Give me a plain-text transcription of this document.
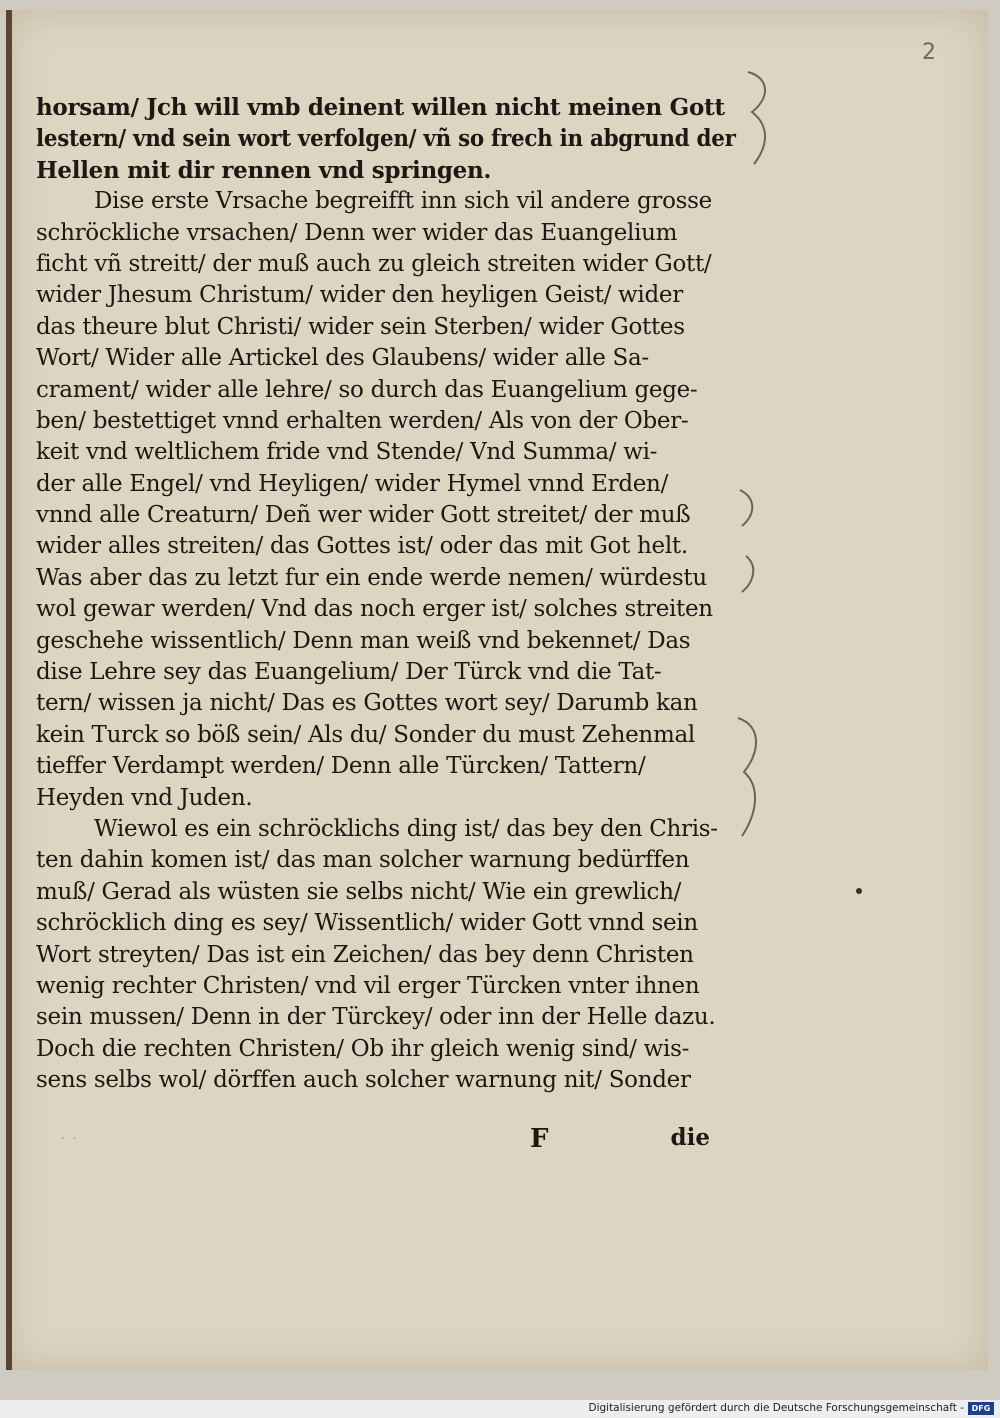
2
horsam/ Jch will vmb deinent willen nicht meinen Gott
lestern/ vnd sein wort verfolgen/ vñ so frech in abgrund der
Hellen mit dir rennen vnd springen.
Dise erste Vrsache begreifft inn sich vil andere grosse
schröckliche vrsachen/ Denn wer wider das Euangelium
ficht vñ streitt/ der muß auch zu gleich streiten wider Gott/
wider Jhesum Christum/ wider den heyligen Geist/ wider
das theure blut Christi/ wider sein Sterben/ wider Gottes
Wort/ Wider alle Artickel des Glaubens/ wider alle Sa-
crament/ wider alle lehre/ so durch das Euangelium gege-
ben/ bestettiget vnnd erhalten werden/ Als von der Ober-
keit vnd weltlichem fride vnd Stende/ Vnd Summa/ wi-
der alle Engel/ vnd Heyligen/ wider Hymel vnnd Erden/
vnnd alle Creaturn/ Deñ wer wider Gott streitet/ der muß
wider alles streiten/ das Gottes ist/ oder das mit Got helt.
Was aber das zu letzt fur ein ende werde nemen/ würdestu
wol gewar werden/ Vnd das noch erger ist/ solches streiten
geschehe wissentlich/ Denn man weiß vnd bekennet/ Das
dise Lehre sey das Euangelium/ Der Türck vnd die Tat-
tern/ wissen ja nicht/ Das es Gottes wort sey/ Darumb kan
kein Turck so böß sein/ Als du/ Sonder du must Zehenmal
tieffer Verdampt werden/ Denn alle Türcken/ Tattern/
Heyden vnd Juden.
Wiewol es ein schröcklichs ding ist/ das bey den Chris-
ten dahin komen ist/ das man solcher warnung bedürffen
muß/ Gerad als wüsten sie selbs nicht/ Wie ein grewlich/
schröcklich ding es sey/ Wissentlich/ wider Gott vnnd sein
Wort streyten/ Das ist ein Zeichen/ das bey denn Christen
wenig rechter Christen/ vnd vil erger Türcken vnter ihnen
sein mussen/ Denn in der Türckey/ oder inn der Helle dazu.
Doch die rechten Christen/ Ob ihr gleich wenig sind/ wis-
sens selbs wol/ dörffen auch solcher warnung nit/ Sonder
· ·	F	die
Digitalisierung gefördert durch die Deutsche Forschungsgemeinschaft - DFG
